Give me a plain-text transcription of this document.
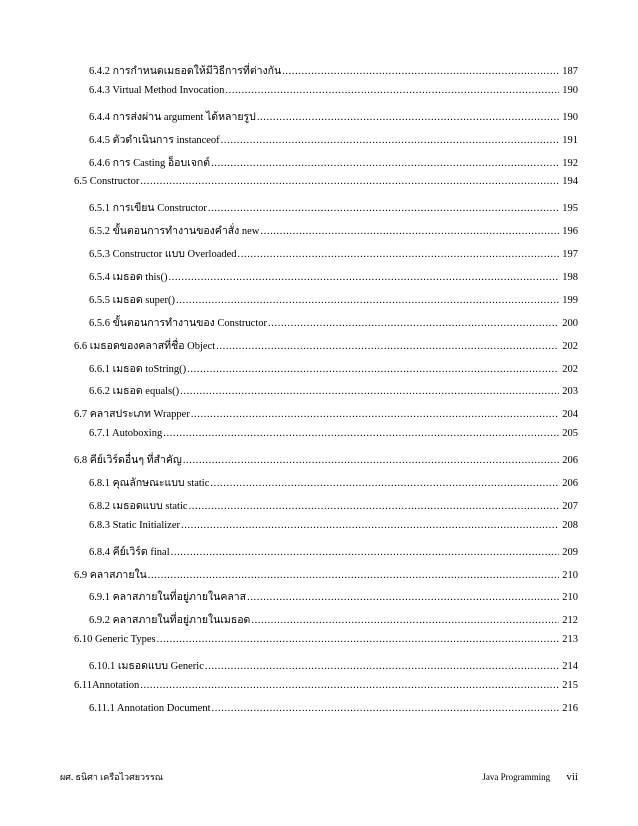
6.4.2 การกำหนดเมธอดให้มีวิธีการที่ต่างกัน .....	187
6.4.3 Virtual Method Invocation .....	190
6.4.4 การส่งผ่าน argument ได้หลายรูป .....	190
6.4.5 ตัวดำเนินการ instanceof .....	191
6.4.6 การ Casting อ็อบเจกต์ .....	192
6.5 Constructor .....	194
6.5.1 การเขียน Constructor .....	195
6.5.2 ขั้นตอนการทำงานของคำสั่ง new .....	196
6.5.3 Constructor แบบ Overloaded .....	197
6.5.4 เมธอด this() .....	198
6.5.5 เมธอด super() .....	199
6.5.6 ขั้นตอนการทำงานของ Constructor .....	200
6.6 เมธอดของคลาสที่ชื่อ Object .....	202
6.6.1 เมธอด toString() .....	202
6.6.2 เมธอด equals() .....	203
6.7 คลาสประเภท Wrapper .....	204
6.7.1 Autoboxing .....	205
6.8 คีย์เวิร์ดอื่นๆ ที่สำคัญ .....	206
6.8.1 คุณลักษณะแบบ static .....	206
6.8.2 เมธอดแบบ static .....	207
6.8.3 Static Initializer .....	208
6.8.4 คีย์เวิร์ด final .....	209
6.9 คลาสภายใน .....	210
6.9.1 คลาสภายในที่อยู่ภายในคลาส .....	210
6.9.2 คลาสภายในที่อยู่ภายในเมธอด .....	212
6.10 Generic Types .....	213
6.10.1 เมธอดแบบ Generic .....	214
6.11Annotation .....	215
6.11.1 Annotation Document .....	216
ผศ. ธนิศา เครือไวศยวรรณ	Java Programming vii
